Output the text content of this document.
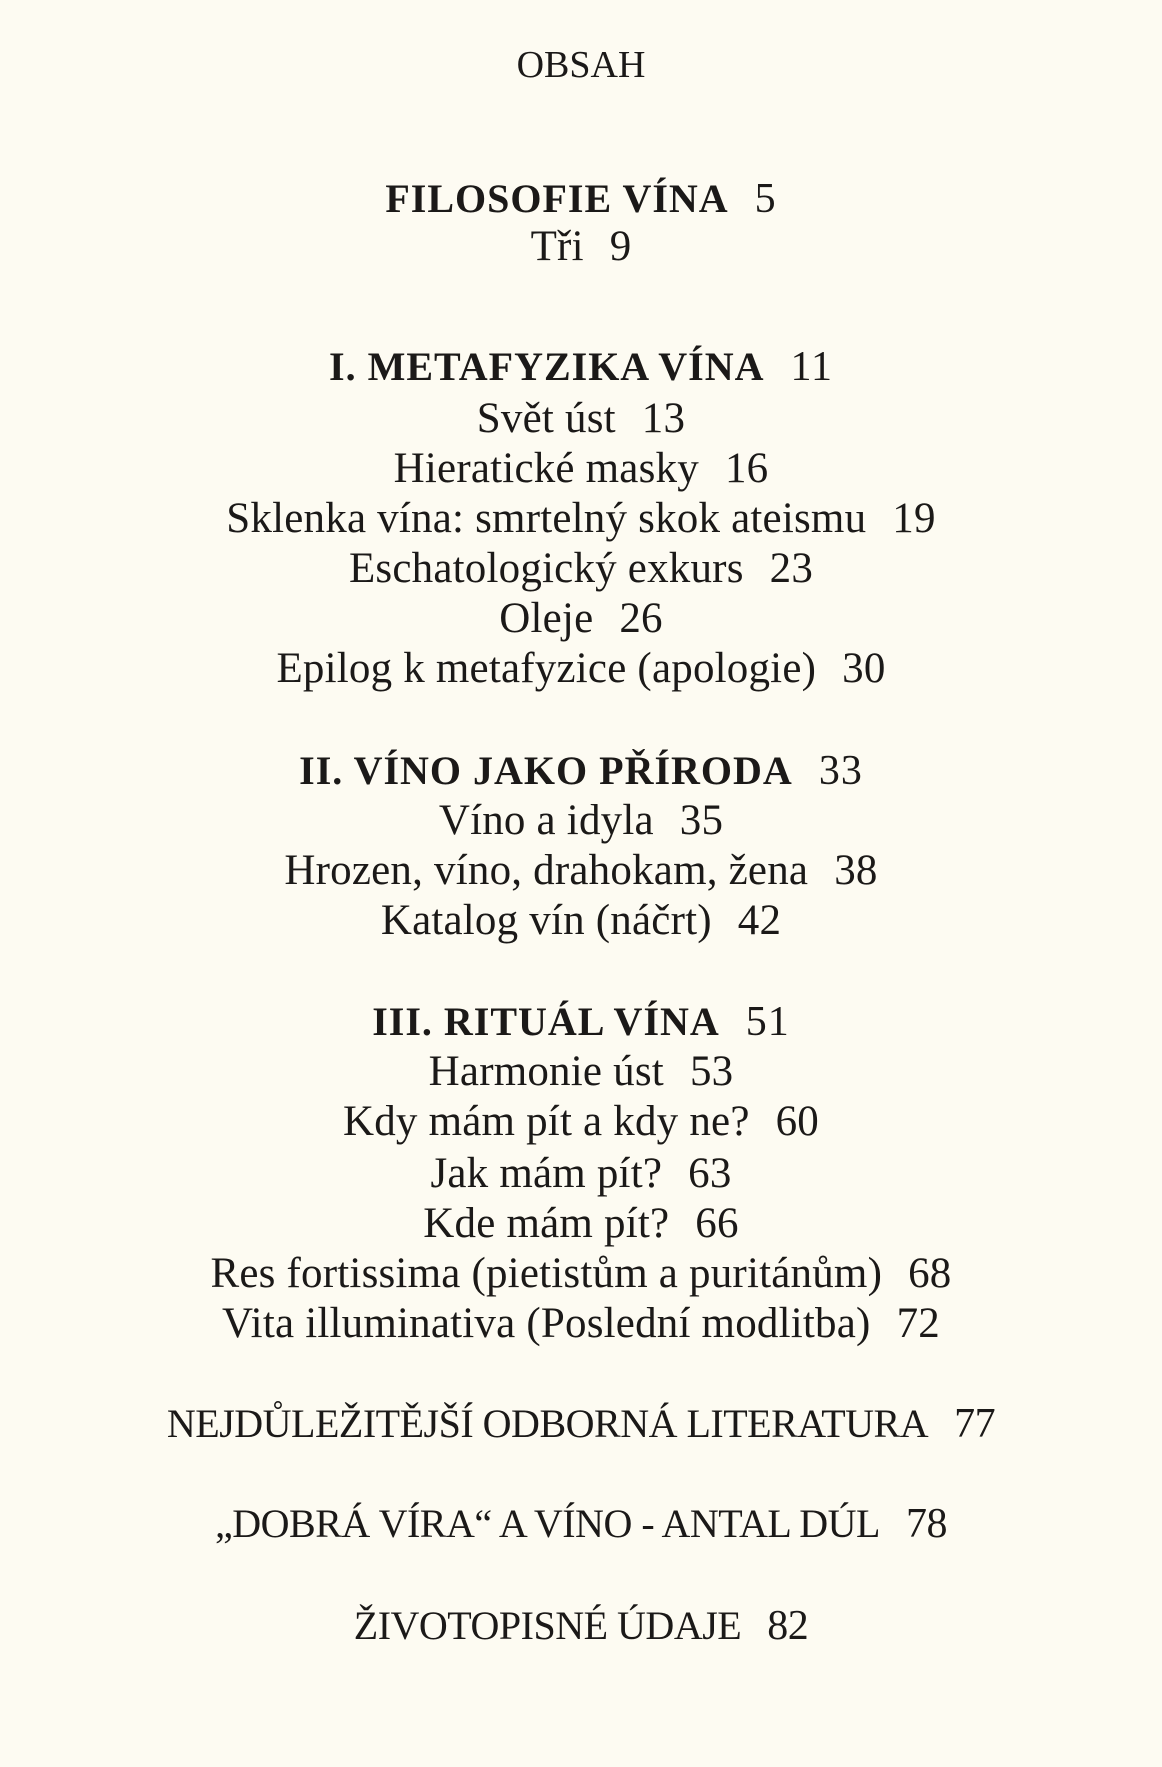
OBSAH
FILOSOFIE VÍNA 5
Tři 9
I. METAFYZIKA VÍNA 11
Svět úst 13
Hieratické masky 16
Sklenka vína: smrtelný skok ateismu 19
Eschatologický exkurs 23
Oleje 26
Epilog k metafyzice (apologie) 30
II. VÍNO JAKO PŘÍRODA 33
Víno a idyla 35
Hrozen, víno, drahokam, žena 38
Katalog vín (náčrt) 42
III. RITUÁL VÍNA 51
Harmonie úst 53
Kdy mám pít a kdy ne? 60
Jak mám pít? 63
Kde mám pít? 66
Res fortissima (pietistům a puritánům) 68
Vita illuminativa (Poslední modlitba) 72
NEJDŮLEŽITĚJŠÍ ODBORNÁ LITERATURA 77
„DOBRÁ VÍRA“ A VÍNO - ANTAL DÚL 78
ŽIVOTOPISNÉ ÚDAJE 82
